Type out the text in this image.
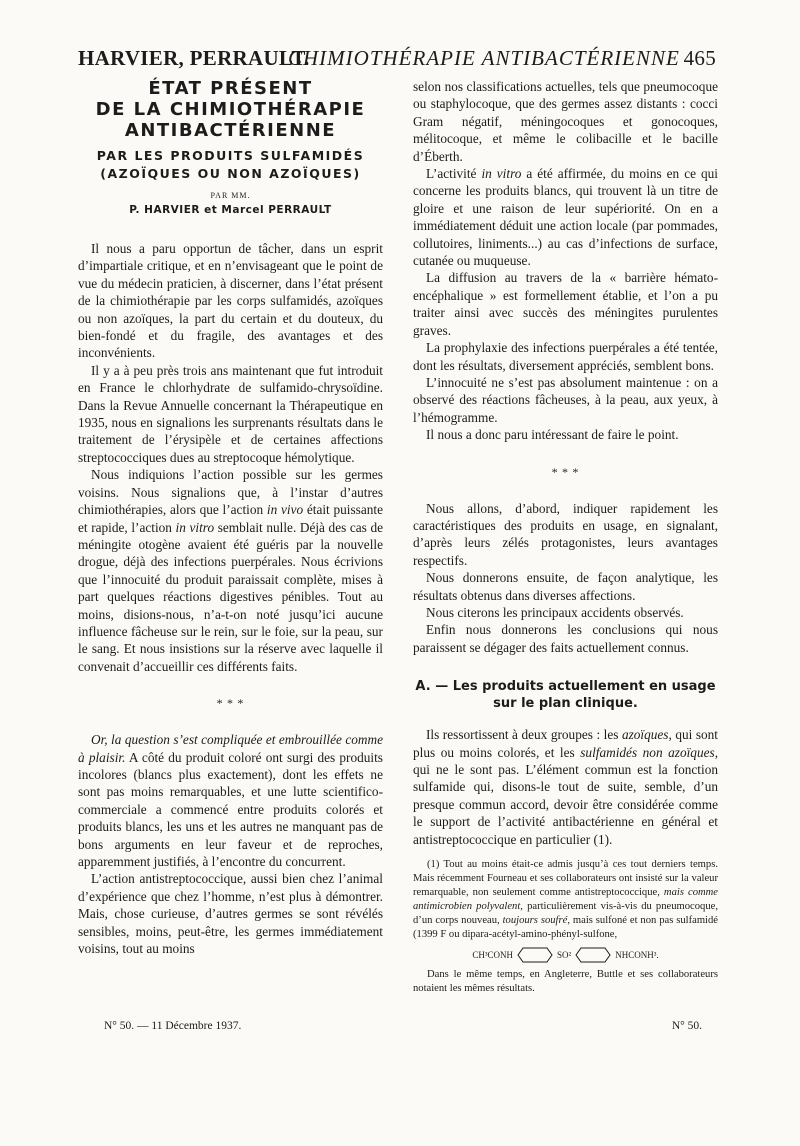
HARVIER, PERRAULT.
CHIMIOTHÉRAPIE ANTIBACTÉRIENNE 465
ÉTAT PRÉSENT
DE LA CHIMIOTHÉRAPIE
ANTIBACTÉRIENNE
PAR LES PRODUITS SULFAMIDÉS
(AZOÏQUES OU NON AZOÏQUES)
PAR MM.
P. HARVIER et Marcel PERRAULT

Il nous a paru opportun de tâcher, dans un esprit d’impartiale critique, et en n’envisageant que le point de vue du médecin praticien, à discerner, dans l’état présent de la chimiothérapie par les corps sulfamidés, azoïques ou non azoïques, la part du certain et du douteux, du bien-fondé et du fragile, des avantages et des inconvénients.

Il y a à peu près trois ans maintenant que fut introduit en France le chlorhydrate de sulfamido-chrysoïdine. Dans la Revue Annuelle concernant la Thérapeutique en 1935, nous en signalions les surprenants résultats dans le traitement de l’érysipèle et de certaines affections streptococciques dues au streptocoque hémolytique.

Nous indiquions l’action possible sur les germes voisins. Nous signalions que, à l’instar d’autres chimiothérapies, alors que l’action in vivo était puissante et rapide, l’action in vitro semblait nulle. Déjà des cas de méningite otogène avaient été guéris par la nouvelle drogue, déjà des infections puerpérales. Nous écrivions que l’innocuité du produit paraissait complète, mises à part quelques réactions digestives pénibles. Tout au moins, disions-nous, n’a-t-on noté jusqu’ici aucune influence fâcheuse sur le rein, sur le foie, sur la peau, sur le sang. Et nous insistions sur la réserve avec laquelle il convenait d’accueillir ces différents faits.

* * *

Or, la question s’est compliquée et embrouillée comme à plaisir. A côté du produit coloré ont surgi des produits incolores (blancs plus exactement), dont les effets ne sont pas moins remarquables, et une lutte scientifico-commerciale a commencé entre produits colorés et produits blancs, les uns et les autres ne manquant pas de bons arguments en leur faveur et de reproches, apparemment justifiés, à l’encontre du concurrent.

L’action antistreptococcique, aussi bien chez l’animal d’expérience que chez l’homme, n’est plus à démontrer. Mais, chose curieuse, d’autres germes se sont révélés sensibles, moins, peut-être, les germes immédiatement voisins, tout au moins

selon nos classifications actuelles, tels que pneumocoque ou staphylocoque, que des germes assez distants : cocci Gram négatif, méningocoques et gonocoques, mélitocoque, et même le colibacille et le bacille d’Éberth.

L’activité in vitro a été affirmée, du moins en ce qui concerne les produits blancs, qui trouvent là un titre de gloire et une raison de leur supériorité. On en a immédiatement déduit une action locale (par pommades, collutoires, liniments...) au cas d’infections de surface, cutanée ou muqueuse.

La diffusion au travers de la « barrière hémato-encéphalique » est formellement établie, et l’on a pu traiter ainsi avec succès des méningites purulentes graves.

La prophylaxie des infections puerpérales a été tentée, dont les résultats, diversement appréciés, semblent bons.

L’innocuité ne s’est pas absolument maintenue : on a observé des réactions fâcheuses, à la peau, aux yeux, à l’hémogramme.

Il nous a donc paru intéressant de faire le point.

* * *

Nous allons, d’abord, indiquer rapidement les caractéristiques des produits en usage, en signalant, d’après leurs zélés protagonistes, leurs avantages respectifs.

Nous donnerons ensuite, de façon analytique, les résultats obtenus dans diverses affections.

Nous citerons les principaux accidents observés.

Enfin nous donnerons les conclusions qui nous paraissent se dégager des faits actuellement connus.

A. — Les produits actuellement en usage
sur le plan clinique.

Ils ressortissent à deux groupes : les azoïques, qui sont plus ou moins colorés, et les sulfamidés non azoïques, qui ne le sont pas. L’élément commun est la fonction sulfamide qui, disons-le tout de suite, semble, d’un presque commun accord, devoir être considérée comme le support de l’activité antibactérienne en général et antistreptococcique en particulier (1).

(1) Tout au moins était-ce admis jusqu’à ces tout derniers temps. Mais récemment Fourneau et ses collaborateurs ont insisté sur la valeur remarquable, non seulement comme antistreptococcique, mais comme antimicrobien polyvalent, particulièrement vis-à-vis du pneumocoque, d’un corps nouveau, toujours soufré, mais sulfoné et non pas sulfamidé (1399 F ou dipara-acétyl-amino-phényl-sulfone,

CH³CONH	SO²	NHCONH³.

Dans le même temps, en Angleterre, Buttle et ses collaborateurs notaient les mêmes résultats.

N° 50. — 11 Décembre 1937.	N° 50.
